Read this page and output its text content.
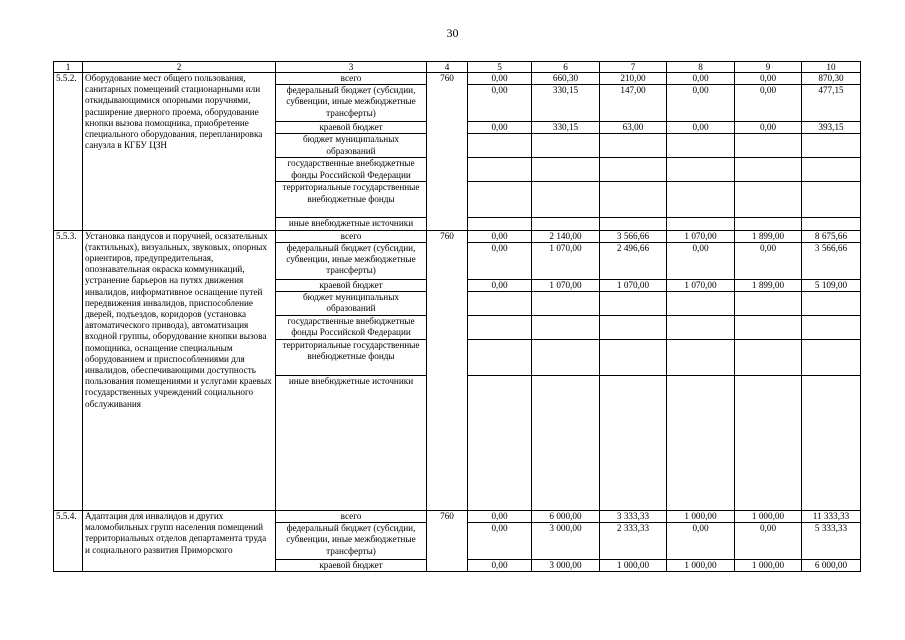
30
1	2	3	4	5	6	7	8	9	10
5.5.2.	Оборудование мест общего пользования, санитарных помещений стационарными или откидывающимися опорными поручнями, расширение дверного проема, оборудование кнопки вызова помощника, приобретение специального оборудования, перепланировка санузла в КГБУ ЦЗН	всего	760	0,00	660,30	210,00	0,00	0,00	870,30
		федеральный бюджет (субсидии, субвенции, иные межбюджетные трансферты)		0,00	330,15	147,00	0,00	0,00	477,15
		краевой бюджет		0,00	330,15	63,00	0,00	0,00	393,15
		бюджет муниципальных образований							
		государственные внебюджетные фонды Российской Федерации							
		территориальные государственные внебюджетные фонды							
		иные внебюджетные источники							
5.5.3.	Установка пандусов и поручней, осязательных (тактильных), визуальных, звуковых, опорных ориентиров, предупредительная, опознавательная окраска коммуникаций, устранение барьеров на путях движения инвалидов, информативное оснащение путей передвижения инвалидов, приспособление дверей, подъездов, коридоров (установка автоматического привода), автоматизация входной группы, оборудование кнопки вызова помощника, оснащение специальным оборудованием и приспособлениями для инвалидов, обеспечивающими доступность пользования помещениями и услугами краевых государственных учреждений социального обслуживания	всего	760	0,00	2 140,00	3 566,66	1 070,00	1 899,00	8 675,66
		федеральный бюджет (субсидии, субвенции, иные межбюджетные трансферты)		0,00	1 070,00	2 496,66	0,00	0,00	3 566,66
		краевой бюджет		0,00	1 070,00	1 070,00	1 070,00	1 899,00	5 109,00
		бюджет муниципальных образований							
		государственные внебюджетные фонды Российской Федерации							
		территориальные государственные внебюджетные фонды							
		иные внебюджетные источники							
5.5.4.	Адаптация для инвалидов и других маломобильных групп населения помещений территориальных отделов департамента труда и социального развития Приморского	всего	760	0,00	6 000,00	3 333,33	1 000,00	1 000,00	11 333,33
		федеральный бюджет (субсидии, субвенции, иные межбюджетные трансферты)		0,00	3 000,00	2 333,33	0,00	0,00	5 333,33
		краевой бюджет		0,00	3 000,00	1 000,00	1 000,00	1 000,00	6 000,00
